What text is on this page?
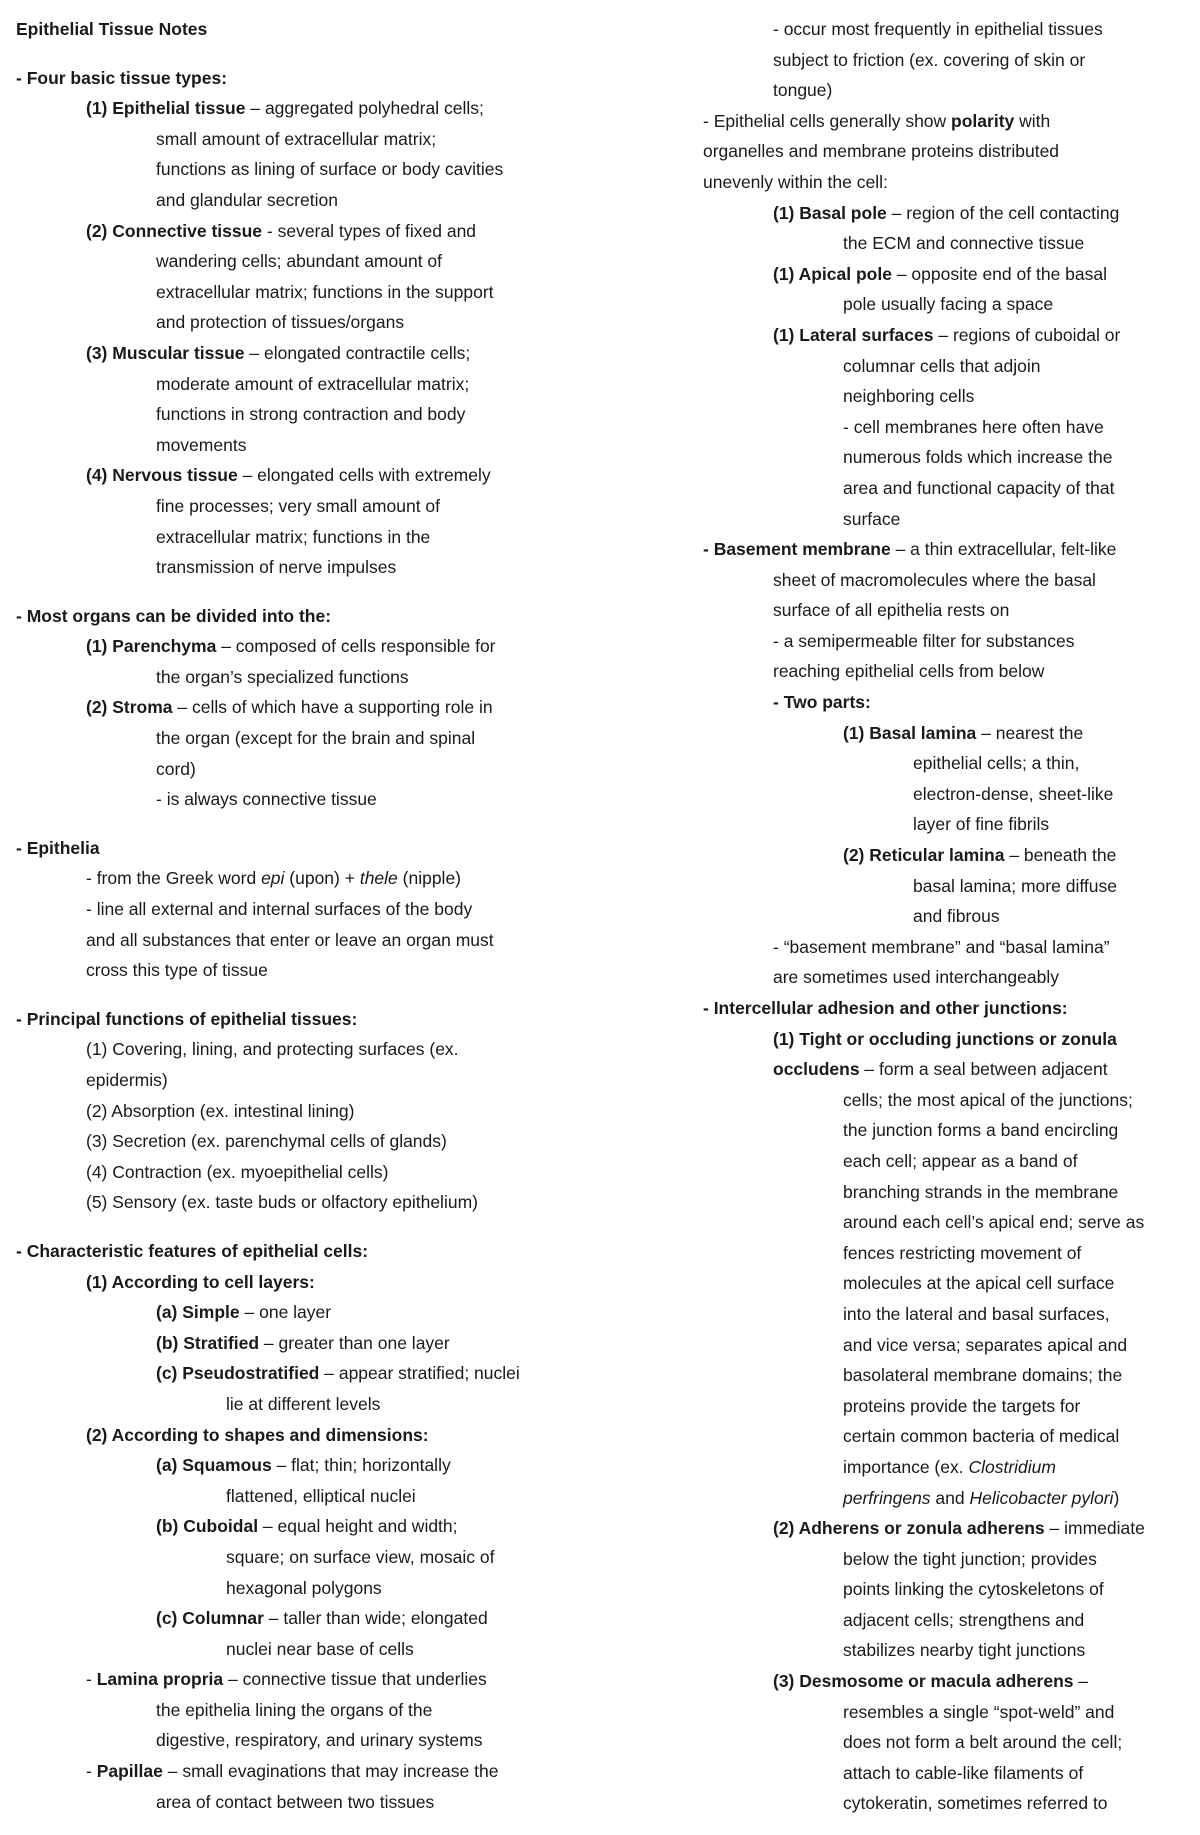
Epithelial Tissue Notes
- Four basic tissue types:
(1) Epithelial tissue – aggregated polyhedral cells;
small amount of extracellular matrix;
functions as lining of surface or body cavities
and glandular secretion
(2) Connective tissue - several types of fixed and
wandering cells; abundant amount of
extracellular matrix; functions in the support
and protection of tissues/organs
(3) Muscular tissue – elongated contractile cells;
moderate amount of extracellular matrix;
functions in strong contraction and body
movements
(4) Nervous tissue – elongated cells with extremely
fine processes; very small amount of
extracellular matrix; functions in the
transmission of nerve impulses
- Most organs can be divided into the:
(1) Parenchyma – composed of cells responsible for
the organ’s specialized functions
(2) Stroma – cells of which have a supporting role in
the organ (except for the brain and spinal
cord)
- is always connective tissue
- Epithelia
- from the Greek word epi (upon) + thele (nipple)
- line all external and internal surfaces of the body
and all substances that enter or leave an organ must
cross this type of tissue
- Principal functions of epithelial tissues:
(1) Covering, lining, and protecting surfaces (ex.
epidermis)
(2) Absorption (ex. intestinal lining)
(3) Secretion (ex. parenchymal cells of glands)
(4) Contraction (ex. myoepithelial cells)
(5) Sensory (ex. taste buds or olfactory epithelium)
- Characteristic features of epithelial cells:
(1) According to cell layers:
(a) Simple – one layer
(b) Stratified – greater than one layer
(c) Pseudostratified – appear stratified; nuclei
lie at different levels
(2) According to shapes and dimensions:
(a) Squamous – flat; thin; horizontally
flattened, elliptical nuclei
(b) Cuboidal – equal height and width;
square; on surface view, mosaic of
hexagonal polygons
(c) Columnar – taller than wide; elongated
nuclei near base of cells
- Lamina propria – connective tissue that underlies
the epithelia lining the organs of the
digestive, respiratory, and urinary systems
- Papillae – small evaginations that may increase the
area of contact between two tissues
- occur most frequently in epithelial tissues
subject to friction (ex. covering of skin or
tongue)
- Epithelial cells generally show polarity with
organelles and membrane proteins distributed
unevenly within the cell:
(1) Basal pole – region of the cell contacting
the ECM and connective tissue
(1) Apical pole – opposite end of the basal
pole usually facing a space
(1) Lateral surfaces – regions of cuboidal or
columnar cells that adjoin
neighboring cells
- cell membranes here often have
numerous folds which increase the
area and functional capacity of that
surface
- Basement membrane – a thin extracellular, felt-like
sheet of macromolecules where the basal
surface of all epithelia rests on
- a semipermeable filter for substances
reaching epithelial cells from below
- Two parts:
(1) Basal lamina – nearest the
epithelial cells; a thin,
electron-dense, sheet-like
layer of fine fibrils
(2) Reticular lamina – beneath the
basal lamina; more diffuse
and fibrous
- “basement membrane” and “basal lamina”
are sometimes used interchangeably
- Intercellular adhesion and other junctions:
(1) Tight or occluding junctions or zonula
occludens – form a seal between adjacent
cells; the most apical of the junctions;
the junction forms a band encircling
each cell; appear as a band of
branching strands in the membrane
around each cell’s apical end; serve as
fences restricting movement of
molecules at the apical cell surface
into the lateral and basal surfaces,
and vice versa; separates apical and
basolateral membrane domains; the
proteins provide the targets for
certain common bacteria of medical
importance (ex. Clostridium
perfringens and Helicobacter pylori)
(2) Adherens or zonula adherens – immediate
below the tight junction; provides
points linking the cytoskeletons of
adjacent cells; strengthens and
stabilizes nearby tight junctions
(3) Desmosome or macula adherens –
resembles a single “spot-weld” and
does not form a belt around the cell;
attach to cable-like filaments of
cytokeratin, sometimes referred to
